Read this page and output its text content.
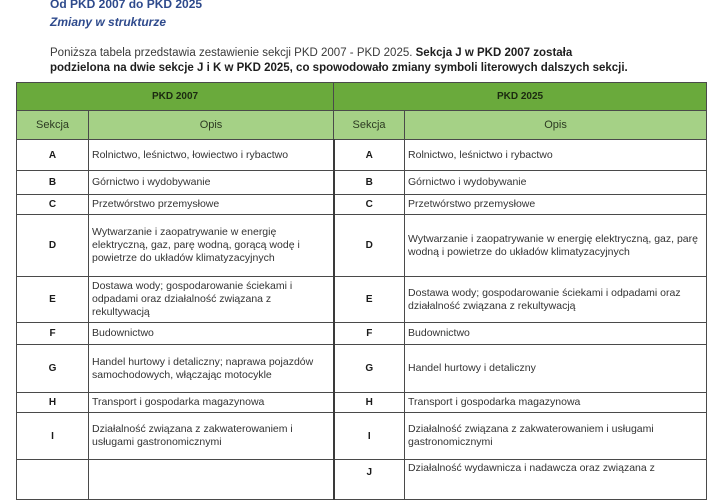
Od PKD 2007 do PKD 2025
Zmiany w strukturze
Poniższa tabela przedstawia zestawienie sekcji PKD 2007 - PKD 2025. Sekcja J w PKD 2007 została
podzielona na dwie sekcje J i K w PKD 2025, co spowodowało zmiany symboli literowych dalszych sekcji.
PKD 2007		PKD 2025	
Sekcja	Opis	Sekcja	Opis
A	Rolnictwo, leśnictwo, łowiectwo i rybactwo	A	Rolnictwo, leśnictwo i rybactwo
B	Górnictwo i wydobywanie	B	Górnictwo i wydobywanie
C	Przetwórstwo przemysłowe	C	Przetwórstwo przemysłowe
D	Wytwarzanie i zaopatrywanie w energię elektryczną, gaz, parę wodną, gorącą wodę i powietrze do układów klimatyzacyjnych	D	Wytwarzanie i zaopatrywanie w energię elektryczną, gaz, parę wodną i powietrze do układów klimatyzacyjnych
E	Dostawa wody; gospodarowanie ściekami i odpadami oraz działalność związana z rekultywacją	E	Dostawa wody; gospodarowanie ściekami i odpadami oraz działalność związana z rekultywacją
F	Budownictwo	F	Budownictwo
G	Handel hurtowy i detaliczny; naprawa pojazdów samochodowych, włączając motocykle	G	Handel hurtowy i detaliczny
H	Transport i gospodarka magazynowa	H	Transport i gospodarka magazynowa
I	Działalność związana z zakwaterowaniem i usługami gastronomicznymi	I	Działalność związana z zakwaterowaniem i usługami gastronomicznymi
		J	Działalność wydawnicza i nadawcza oraz związana z
